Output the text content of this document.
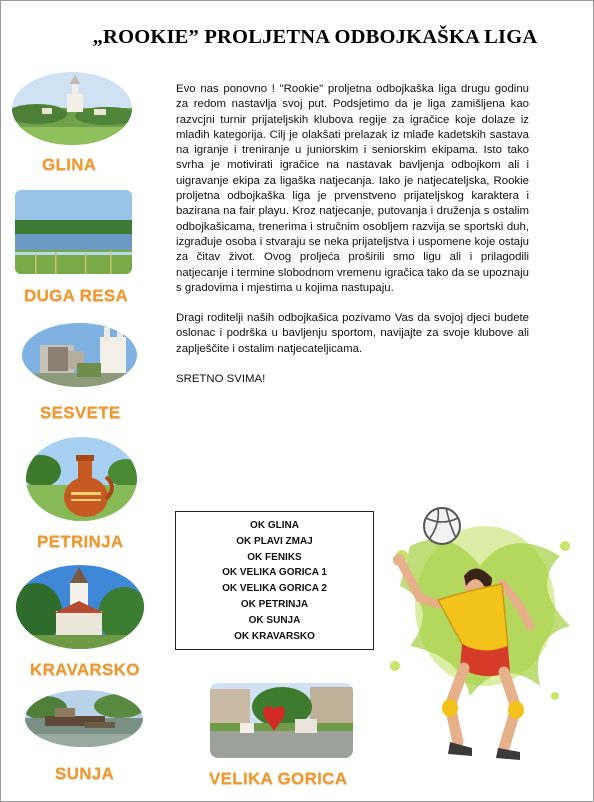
„ROOKIE” PROLJETNA ODBOJKAŠKA LIGA
GLINA
DUGA RESA
SESVETE
PETRINJA
KRAVARSKO
SUNJA	VELIKA GORICA

Evo nas ponovno ! "Rookie" proljetna odbojkaška liga drugu godinu za redom nastavlja svoj put. Podsjetimo da je liga zamišljena kao razvcjni turnir prijateljskih klubova regije za igračice koje dolaze iz mlađih kategorija. Cilj je olakšati prelazak iz mlađe kadetskih sastava na igranje i treniranje u juniorskim i seniorskim ekipama. Isto tako svrha je motivirati igračice na nastavak bavljenja odbojkom ali i uigravanje ekipa za ligaška natjecanja. Iako je natjecateljska, Rookie proljetna odbojkaška liga je prvenstveno prijateljskog karaktera i bazirana na fair playu. Kroz natjecanje, putovanja i druženja s ostalim odbojkašicama, trenerima i stručnim osobljem razvija se sportski duh, izgrađuje osoba i stvaraju se neka prijateljstva i uspomene koje ostaju za čitav život. Ovog proljeća proširili smo ligu ali i prilagodili natjecanje i termine slobodnom vremenu igračica tako da se upoznaju s gradovima i mjestima u kojima nastupaju.

Dragi roditelji naših odbojkašica pozivamo Vas da svojoj djeci budete oslonac i podrška u bavljenju sportom, navijajte za svoje klubove ali zaplješčite i ostalim natjecateljicama.

SRETNO SVIMA!

OK GLINA
OK PLAVI ZMAJ
OK FENIKS
OK VELIKA GORICA 1
OK VELIKA GORICA 2
OK PETRINJA
OK SUNJA
OK KRAVARSKO
